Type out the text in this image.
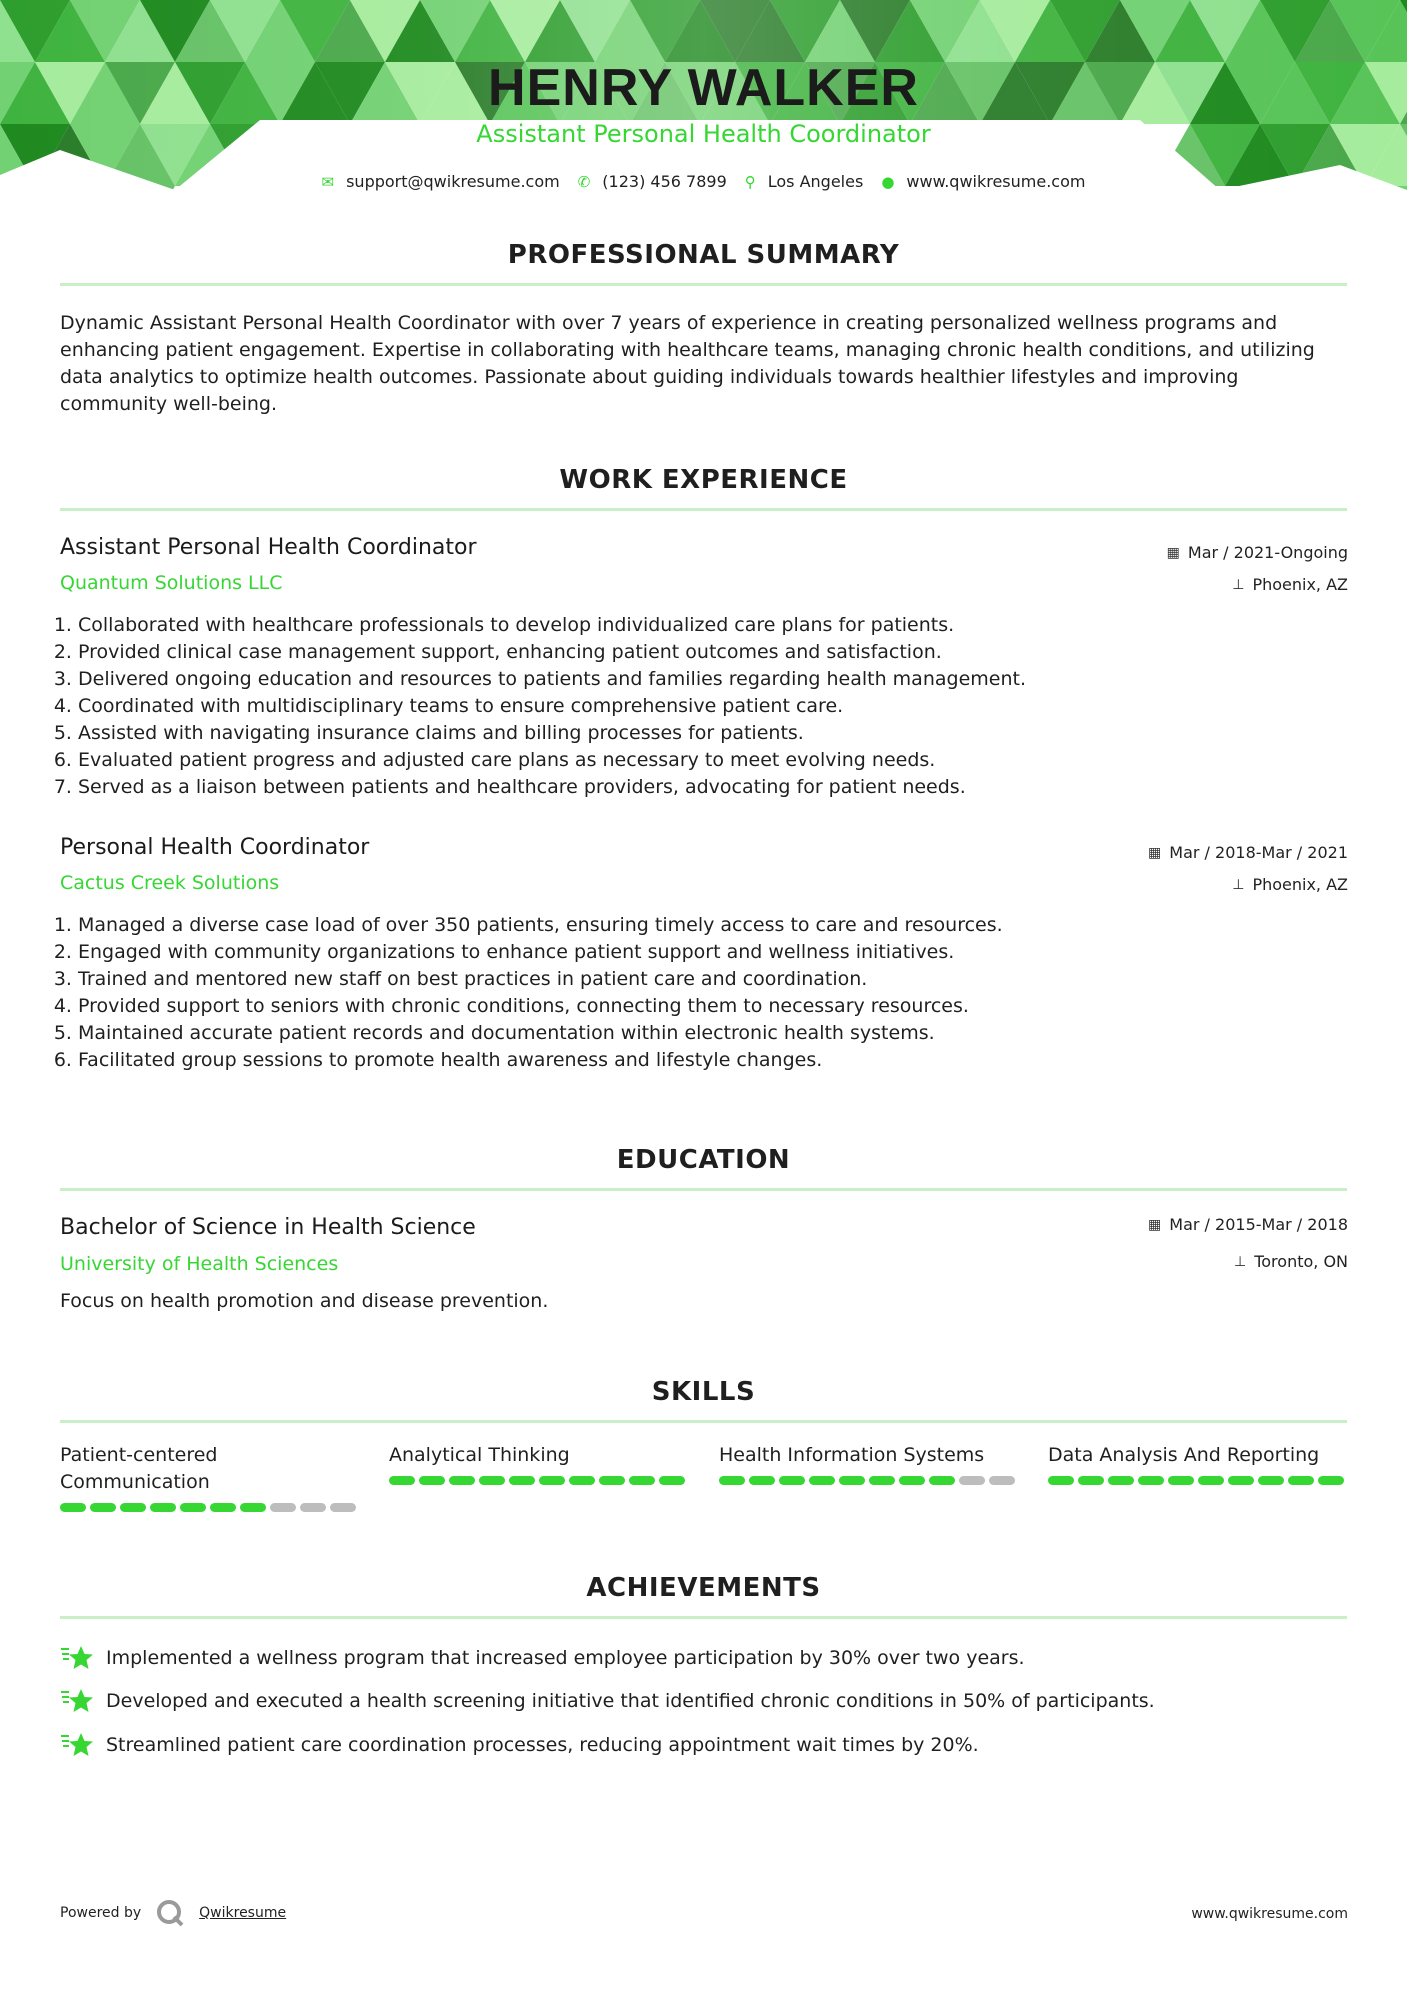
HENRY WALKER
Assistant Personal Health Coordinator
✉ support@qwikresume.com ✆ (123) 456 7899 ⚲ Los Angeles ● www.qwikresume.com
PROFESSIONAL SUMMARY
Dynamic Assistant Personal Health Coordinator with over 7 years of experience in creating personalized wellness programs and enhancing patient engagement. Expertise in collaborating with healthcare teams, managing chronic health conditions, and utilizing data analytics to optimize health outcomes. Passionate about guiding individuals towards healthier lifestyles and improving community well-being.
WORK EXPERIENCE
Assistant Personal Health Coordinator
Quantum Solutions LLC
▦ Mar / 2021-Ongoing
⊥ Phoenix, AZ
1. Collaborated with healthcare professionals to develop individualized care plans for patients.
2. Provided clinical case management support, enhancing patient outcomes and satisfaction.
3. Delivered ongoing education and resources to patients and families regarding health management.
4. Coordinated with multidisciplinary teams to ensure comprehensive patient care.
5. Assisted with navigating insurance claims and billing processes for patients.
6. Evaluated patient progress and adjusted care plans as necessary to meet evolving needs.
7. Served as a liaison between patients and healthcare providers, advocating for patient needs.
Personal Health Coordinator
Cactus Creek Solutions
▦ Mar / 2018-Mar / 2021
⊥ Phoenix, AZ
1. Managed a diverse case load of over 350 patients, ensuring timely access to care and resources.
2. Engaged with community organizations to enhance patient support and wellness initiatives.
3. Trained and mentored new staff on best practices in patient care and coordination.
4. Provided support to seniors with chronic conditions, connecting them to necessary resources.
5. Maintained accurate patient records and documentation within electronic health systems.
6. Facilitated group sessions to promote health awareness and lifestyle changes.
EDUCATION
Bachelor of Science in Health Science
University of Health Sciences
▦ Mar / 2015-Mar / 2018
⊥ Toronto, ON
Focus on health promotion and disease prevention.
SKILLS
Patient-centered Communication
Analytical Thinking	Health Information Systems	Data Analysis And Reporting
ACHIEVEMENTS
Implemented a wellness program that increased employee participation by 30% over two years.
Developed and executed a health screening initiative that identified chronic conditions in 50% of participants.
Streamlined patient care coordination processes, reducing appointment wait times by 20%.
Powered by	Qwikresume	www.qwikresume.com
